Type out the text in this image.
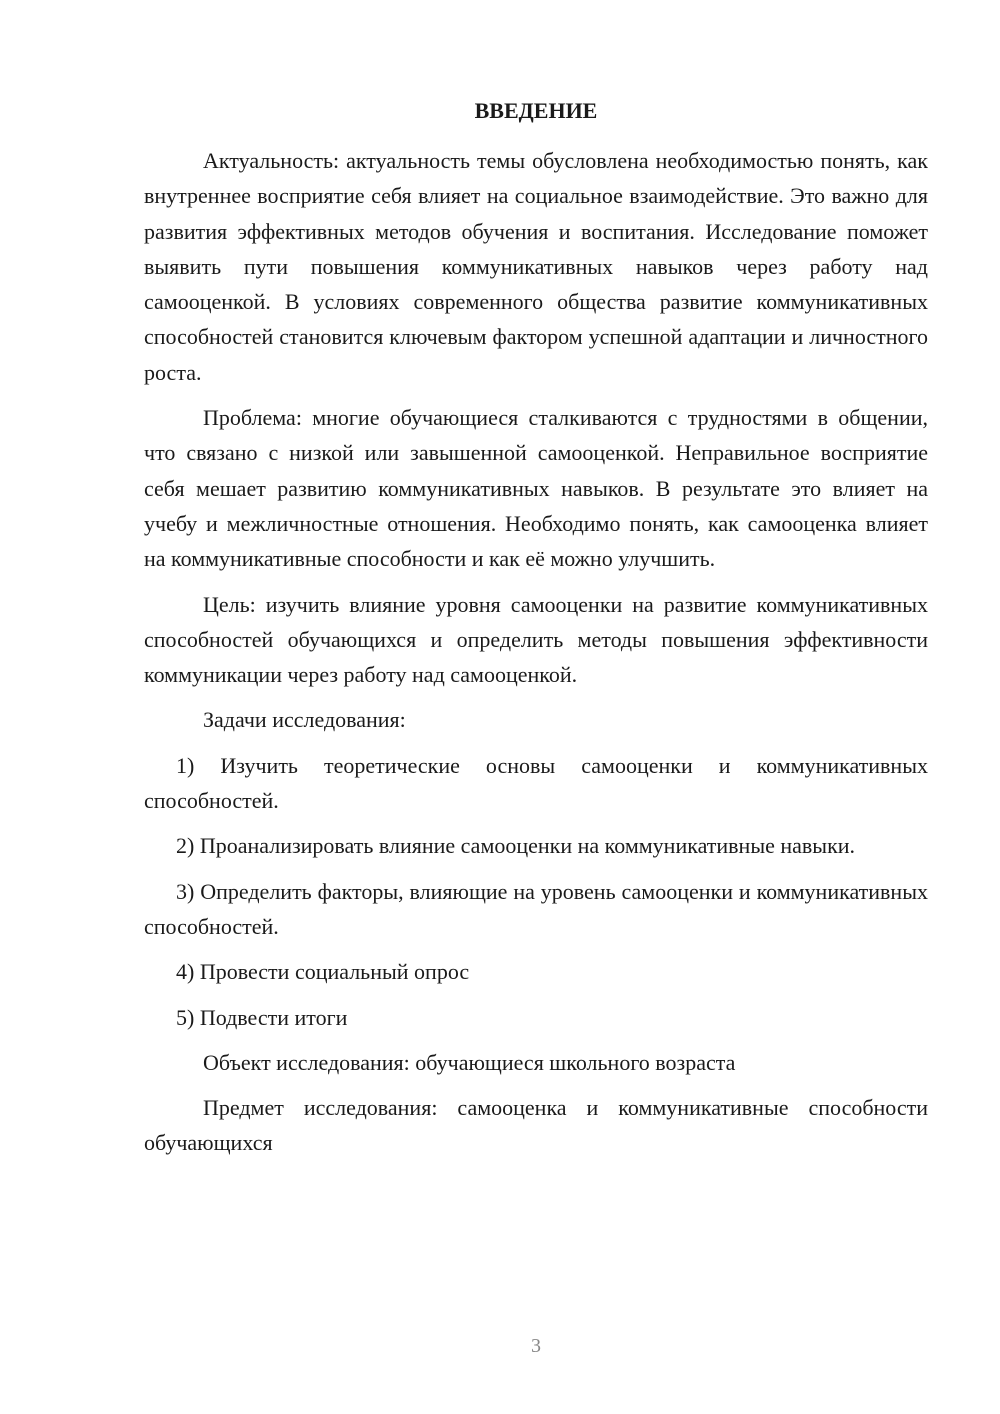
ВВЕДЕНИЕ

Актуальность: актуальность темы обусловлена необходимостью понять, как внутреннее восприятие себя влияет на социальное взаимодействие. Это важно для развития эффективных методов обучения и воспитания. Исследование поможет выявить пути повышения коммуникативных навыков через работу над самооценкой. В условиях современного общества развитие коммуникативных способностей становится ключевым фактором успешной адаптации и личностного роста.

Проблема: многие обучающиеся сталкиваются с трудностями в общении, что связано с низкой или завышенной самооценкой. Неправильное восприятие себя мешает развитию коммуникативных навыков. В результате это влияет на учебу и межличностные отношения. Необходимо понять, как самооценка влияет на коммуникативные способности и как её можно улучшить.

Цель: изучить влияние уровня самооценки на развитие коммуникативных способностей обучающихся и определить методы повышения эффективности коммуникации через работу над самооценкой.

Задачи исследования:

1) Изучить теоретические основы самооценки и коммуникативных способностей.

2) Проанализировать влияние самооценки на коммуникативные навыки.

3) Определить факторы, влияющие на уровень самооценки и коммуникативных способностей.

4) Провести социальный опрос

5) Подвести итоги

Объект исследования: обучающиеся школьного возраста

Предмет исследования: самооценка и коммуникативные способности обучающихся

3
